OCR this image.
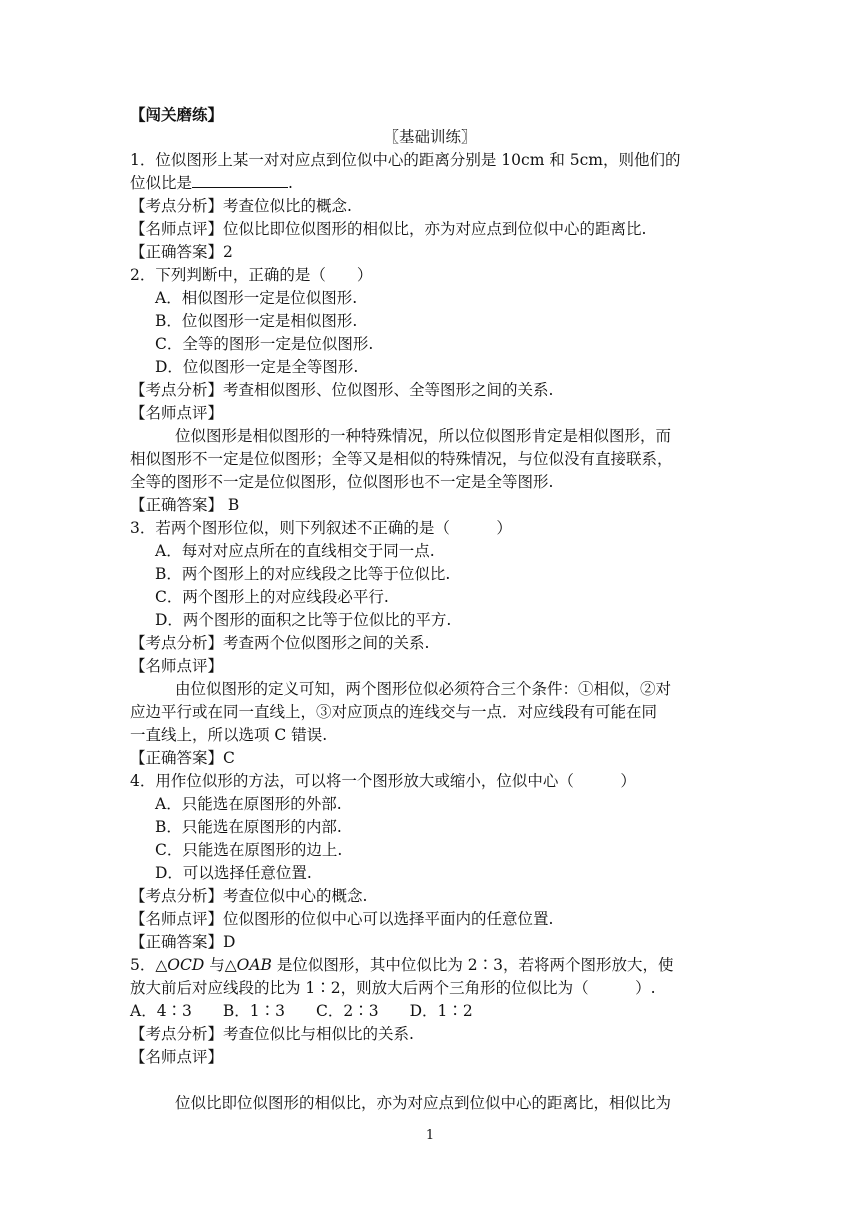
【闯关磨练】
〖基础训练〗
1．位似图形上某一对对应点到位似中心的距离分别是 10cm 和 5cm，则他们的
位似比是	.
【考点分析】考查位似比的概念.
【名师点评】位似比即位似图形的相似比，亦为对应点到位似中心的距离比.
【正确答案】2
2．下列判断中，正确的是（　　）
A．相似图形一定是位似图形.
B．位似图形一定是相似图形.
C．全等的图形一定是位似图形.
D．位似图形一定是全等图形.
【考点分析】考查相似图形、位似图形、全等图形之间的关系.
【名师点评】
位似图形是相似图形的一种特殊情况，所以位似图形肯定是相似图形，而
相似图形不一定是位似图形；全等又是相似的特殊情况，与位似没有直接联系，
全等的图形不一定是位似图形，位似图形也不一定是全等图形.
【正确答案】 B
3．若两个图形位似，则下列叙述不正确的是（　　　）
A．每对对应点所在的直线相交于同一点.
B．两个图形上的对应线段之比等于位似比.
C．两个图形上的对应线段必平行.
D．两个图形的面积之比等于位似比的平方.
【考点分析】考查两个位似图形之间的关系.
【名师点评】
由位似图形的定义可知，两个图形位似必须符合三个条件：①相似，②对
应边平行或在同一直线上，③对应顶点的连线交与一点．对应线段有可能在同
一直线上，所以选项 C 错误.
【正确答案】C
4．用作位似形的方法，可以将一个图形放大或缩小，位似中心（　　　）
A．只能选在原图形的外部.
B．只能选在原图形的内部.
C．只能选在原图形的边上.
D．可以选择任意位置.
【考点分析】考查位似中心的概念.
【名师点评】位似图形的位似中心可以选择平面内的任意位置.
【正确答案】D
5．△OCD 与△OAB 是位似图形，其中位似比为 2∶3，若将两个图形放大，使
放大前后对应线段的比为 1∶2，则放大后两个三角形的位似比为（　　　）.
A．4∶3　　B．1∶3　　C．2∶3　　D．1∶2
【考点分析】考查位似比与相似比的关系.
【名师点评】
位似比即位似图形的相似比，亦为对应点到位似中心的距离比，相似比为
1
